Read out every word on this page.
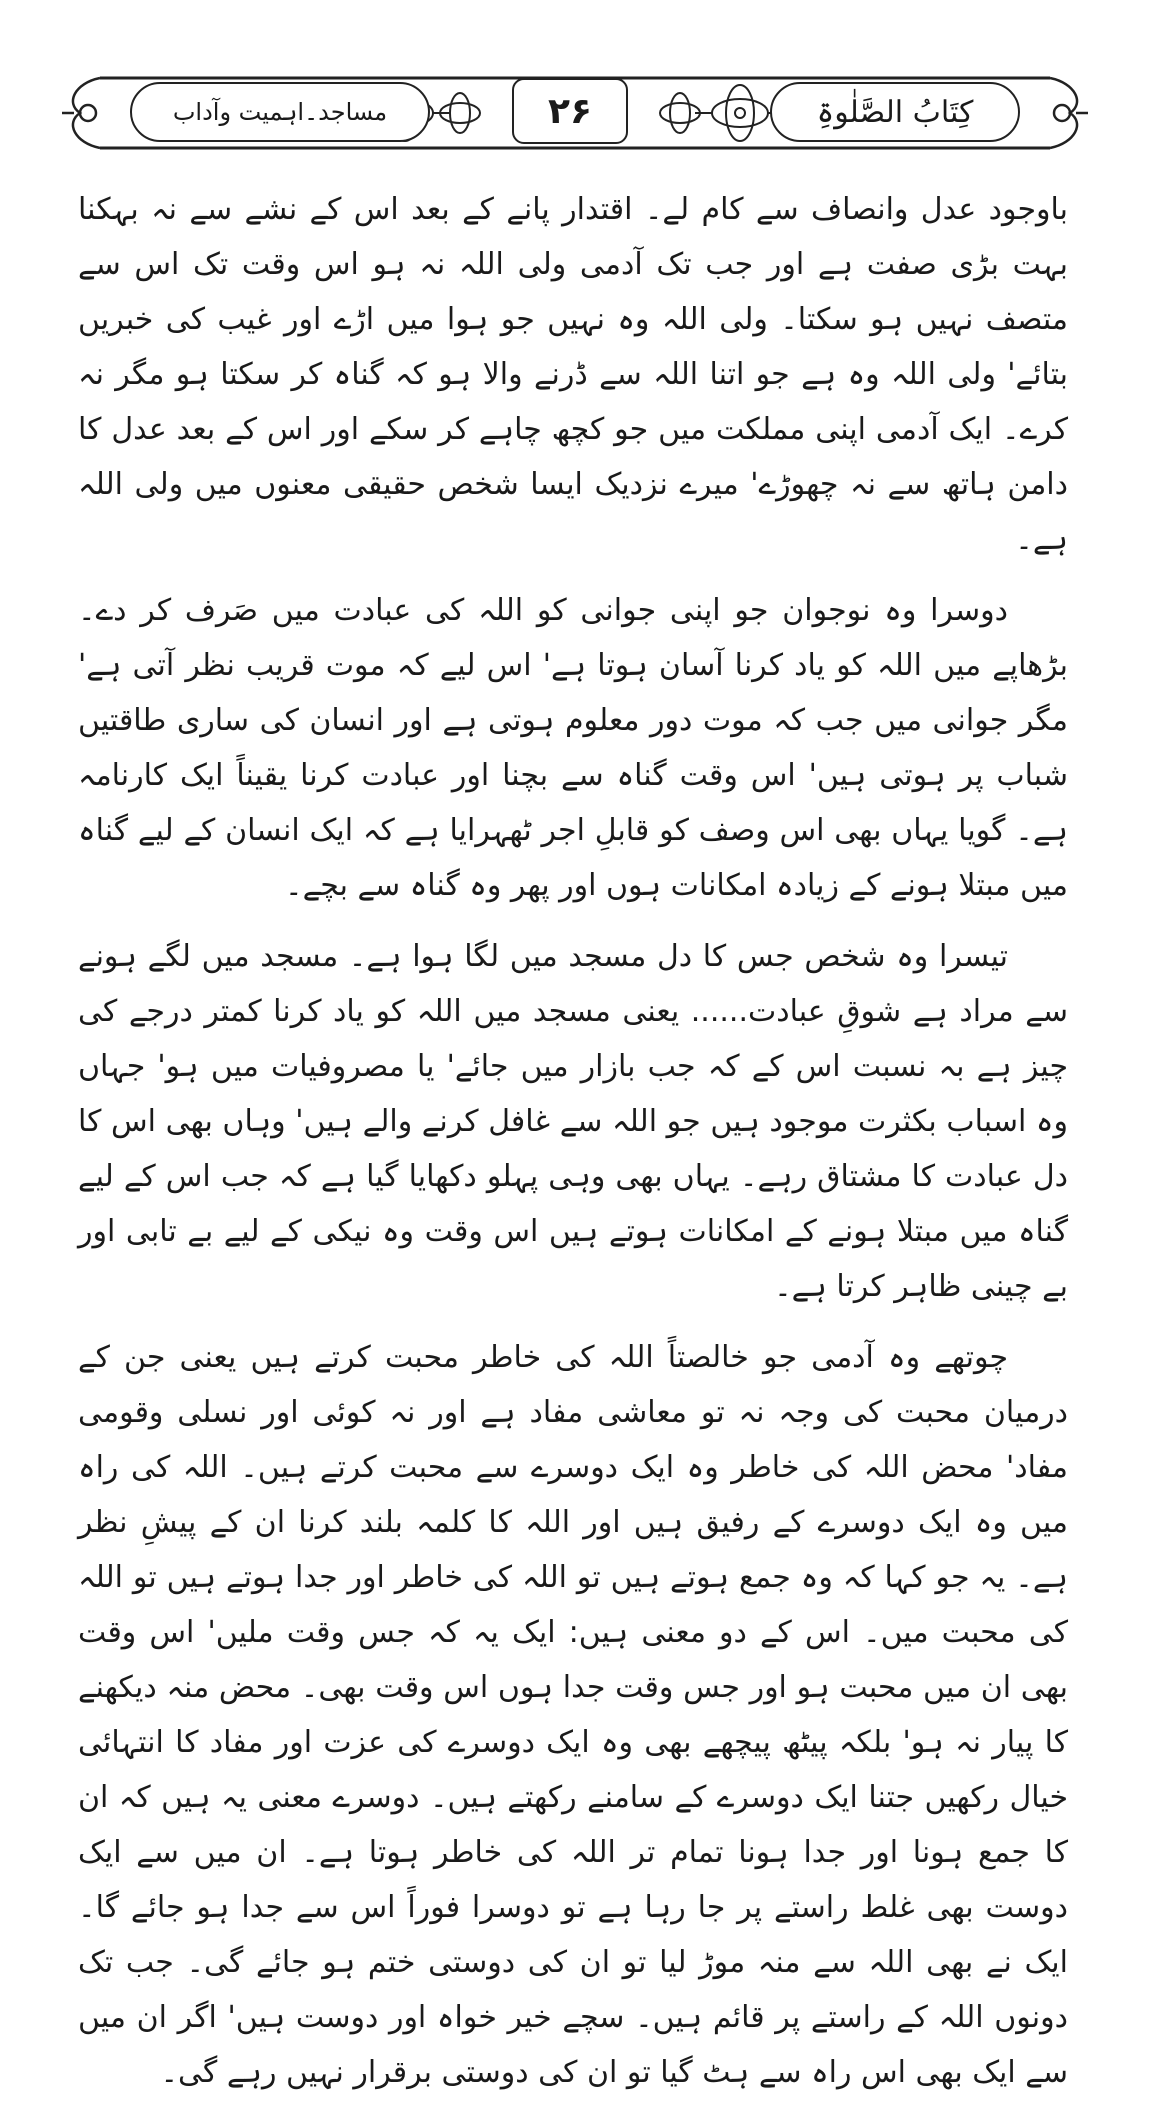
کِتَابُ الصَّلٰوۃِ
۲۶
مساجد۔اہمیت وآداب

باوجود عدل وانصاف سے کام لے۔ اقتدار پانے کے بعد اس کے نشے سے نہ بہکنا بہت بڑی صفت ہے اور جب تک آدمی ولی اللہ نہ ہو اس وقت تک اس سے متصف نہیں ہو سکتا۔ ولی اللہ وہ نہیں جو ہوا میں اڑے اور غیب کی خبریں بتائے' ولی اللہ وہ ہے جو اتنا اللہ سے ڈرنے والا ہو کہ گناہ کر سکتا ہو مگر نہ کرے۔ ایک آدمی اپنی مملکت میں جو کچھ چاہے کر سکے اور اس کے بعد عدل کا دامن ہاتھ سے نہ چھوڑے' میرے نزدیک ایسا شخص حقیقی معنوں میں ولی اللہ ہے۔

دوسرا وہ نوجوان جو اپنی جوانی کو اللہ کی عبادت میں صَرف کر دے۔ بڑھاپے میں اللہ کو یاد کرنا آسان ہوتا ہے' اس لیے کہ موت قریب نظر آتی ہے' مگر جوانی میں جب کہ موت دور معلوم ہوتی ہے اور انسان کی ساری طاقتیں شباب پر ہوتی ہیں' اس وقت گناہ سے بچنا اور عبادت کرنا یقیناً ایک کارنامہ ہے۔ گویا یہاں بھی اس وصف کو قابلِ اجر ٹھہرایا ہے کہ ایک انسان کے لیے گناہ میں مبتلا ہونے کے زیادہ امکانات ہوں اور پھر وہ گناہ سے بچے۔

تیسرا وہ شخص جس کا دل مسجد میں لگا ہوا ہے۔ مسجد میں لگے ہونے سے مراد ہے شوقِ عبادت...... یعنی مسجد میں اللہ کو یاد کرنا کمتر درجے کی چیز ہے بہ نسبت اس کے کہ جب بازار میں جائے' یا مصروفیات میں ہو' جہاں وہ اسباب بکثرت موجود ہیں جو اللہ سے غافل کرنے والے ہیں' وہاں بھی اس کا دل عبادت کا مشتاق رہے۔ یہاں بھی وہی پہلو دکھایا گیا ہے کہ جب اس کے لیے گناہ میں مبتلا ہونے کے امکانات ہوتے ہیں اس وقت وہ نیکی کے لیے بے تابی اور بے چینی ظاہر کرتا ہے۔

چوتھے وہ آدمی جو خالصتاً اللہ کی خاطر محبت کرتے ہیں یعنی جن کے درمیان محبت کی وجہ نہ تو معاشی مفاد ہے اور نہ کوئی اور نسلی وقومی مفاد' محض اللہ کی خاطر وہ ایک دوسرے سے محبت کرتے ہیں۔ اللہ کی راہ میں وہ ایک دوسرے کے رفیق ہیں اور اللہ کا کلمہ بلند کرنا ان کے پیشِ نظر ہے۔ یہ جو کہا کہ وہ جمع ہوتے ہیں تو اللہ کی خاطر اور جدا ہوتے ہیں تو اللہ کی محبت میں۔ اس کے دو معنی ہیں: ایک یہ کہ جس وقت ملیں' اس وقت بھی ان میں محبت ہو اور جس وقت جدا ہوں اس وقت بھی۔ محض منہ دیکھنے کا پیار نہ ہو' بلکہ پیٹھ پیچھے بھی وہ ایک دوسرے کی عزت اور مفاد کا انتہائی خیال رکھیں جتنا ایک دوسرے کے سامنے رکھتے ہیں۔ دوسرے معنی یہ ہیں کہ ان کا جمع ہونا اور جدا ہونا تمام تر اللہ کی خاطر ہوتا ہے۔ ان میں سے ایک دوست بھی غلط راستے پر جا رہا ہے تو دوسرا فوراً اس سے جدا ہو جائے گا۔ ایک نے بھی اللہ سے منہ موڑ لیا تو ان کی دوستی ختم ہو جائے گی۔ جب تک دونوں اللہ کے راستے پر قائم ہیں۔ سچے خیر خواہ اور دوست ہیں' اگر ان میں سے ایک بھی اس راہ سے ہٹ گیا تو ان کی دوستی برقرار نہیں رہے گی۔
